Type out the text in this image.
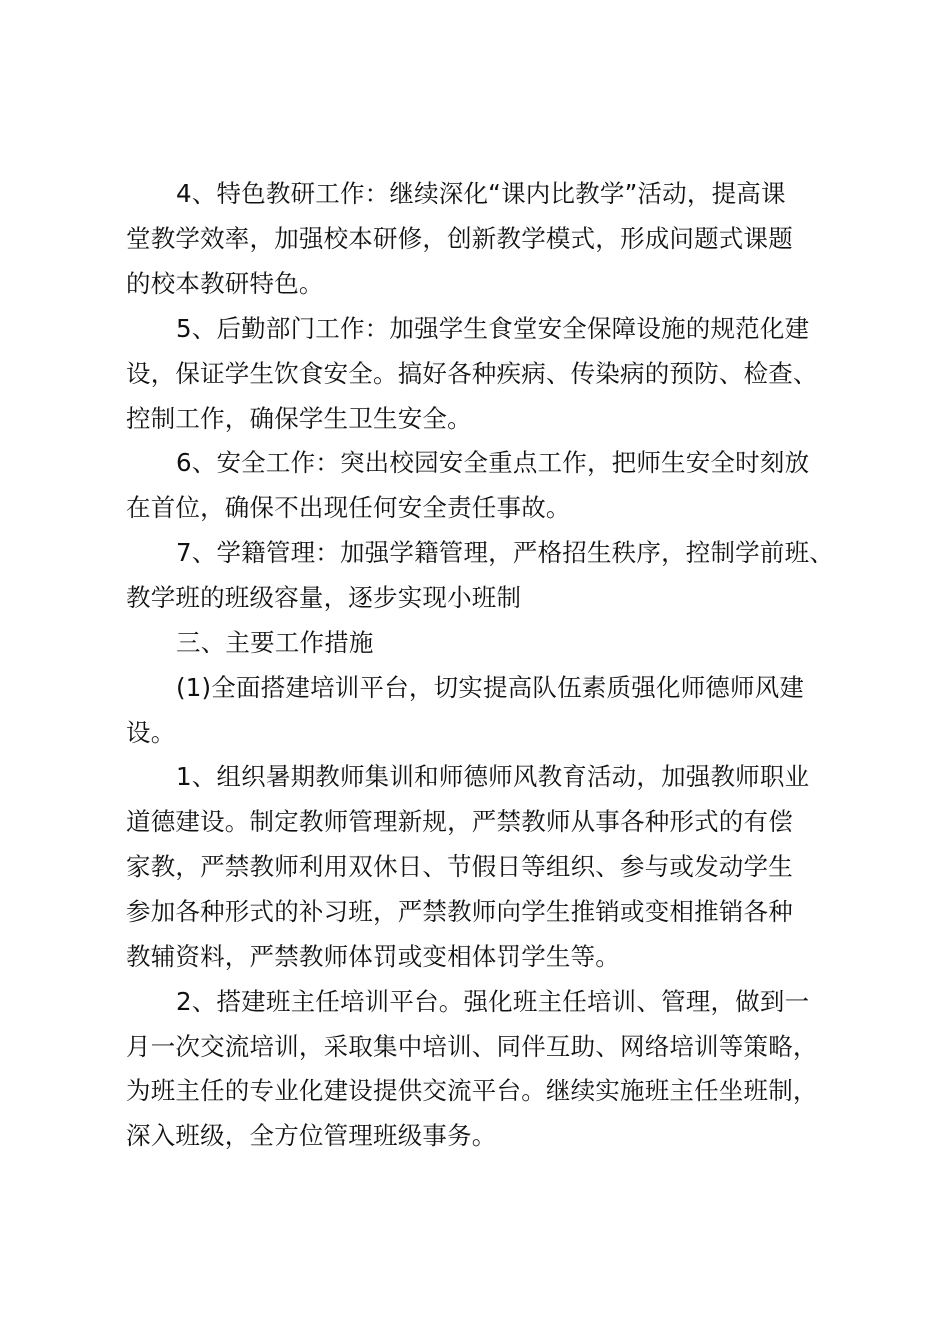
4、特色教研工作：继续深化“课内比教学”活动，提高课
堂教学效率，加强校本研修，创新教学模式，形成问题式课题
的校本教研特色。
5、后勤部门工作：加强学生食堂安全保障设施的规范化建
设，保证学生饮食安全。搞好各种疾病、传染病的预防、检查、
控制工作，确保学生卫生安全。
6、安全工作：突出校园安全重点工作，把师生安全时刻放
在首位，确保不出现任何安全责任事故。
7、学籍管理：加强学籍管理，严格招生秩序，控制学前班、
教学班的班级容量，逐步实现小班制
三、主要工作措施
(1)全面搭建培训平台，切实提高队伍素质强化师德师风建
设。
1、组织暑期教师集训和师德师风教育活动，加强教师职业
道德建设。制定教师管理新规，严禁教师从事各种形式的有偿
家教，严禁教师利用双休日、节假日等组织、参与或发动学生
参加各种形式的补习班，严禁教师向学生推销或变相推销各种
教辅资料，严禁教师体罚或变相体罚学生等。
2、搭建班主任培训平台。强化班主任培训、管理，做到一
月一次交流培训，采取集中培训、同伴互助、网络培训等策略，
为班主任的专业化建设提供交流平台。继续实施班主任坐班制，
深入班级，全方位管理班级事务。
